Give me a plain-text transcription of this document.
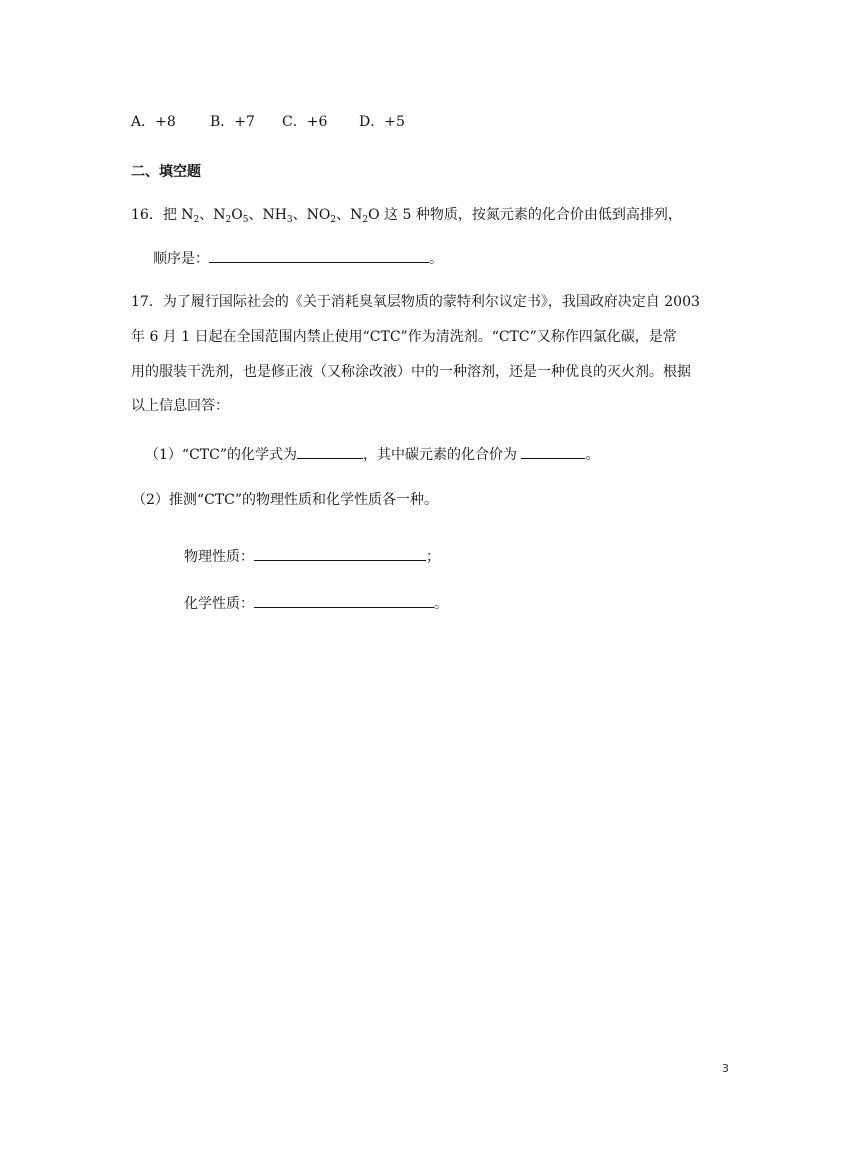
A．+8 B．+7 C．+6 D．+5
二、填空题
16．把 $N_2$、$N_2O_5$、$NH_3$、$NO_2$、$N_2O$ 这 5 种物质，按氮元素的化合价由低到高排列，
顺序是：	。
17．为了履行国际社会的《关于消耗臭氧层物质的蒙特利尔议定书》，我国政府决定自 2003
年 6 月 1 日起在全国范围内禁止使用“CTC”作为清洗剂。“CTC”又称作四氯化碳，是常
用的服装干洗剂，也是修正液（又称涂改液）中的一种溶剂，还是一种优良的灭火剂。根据
以上信息回答：
（1）“CTC”的化学式为	，其中碳元素的化合价为	。
（2）推测“CTC”的物理性质和化学性质各一种。
物理性质：	；
化学性质：	。
3
